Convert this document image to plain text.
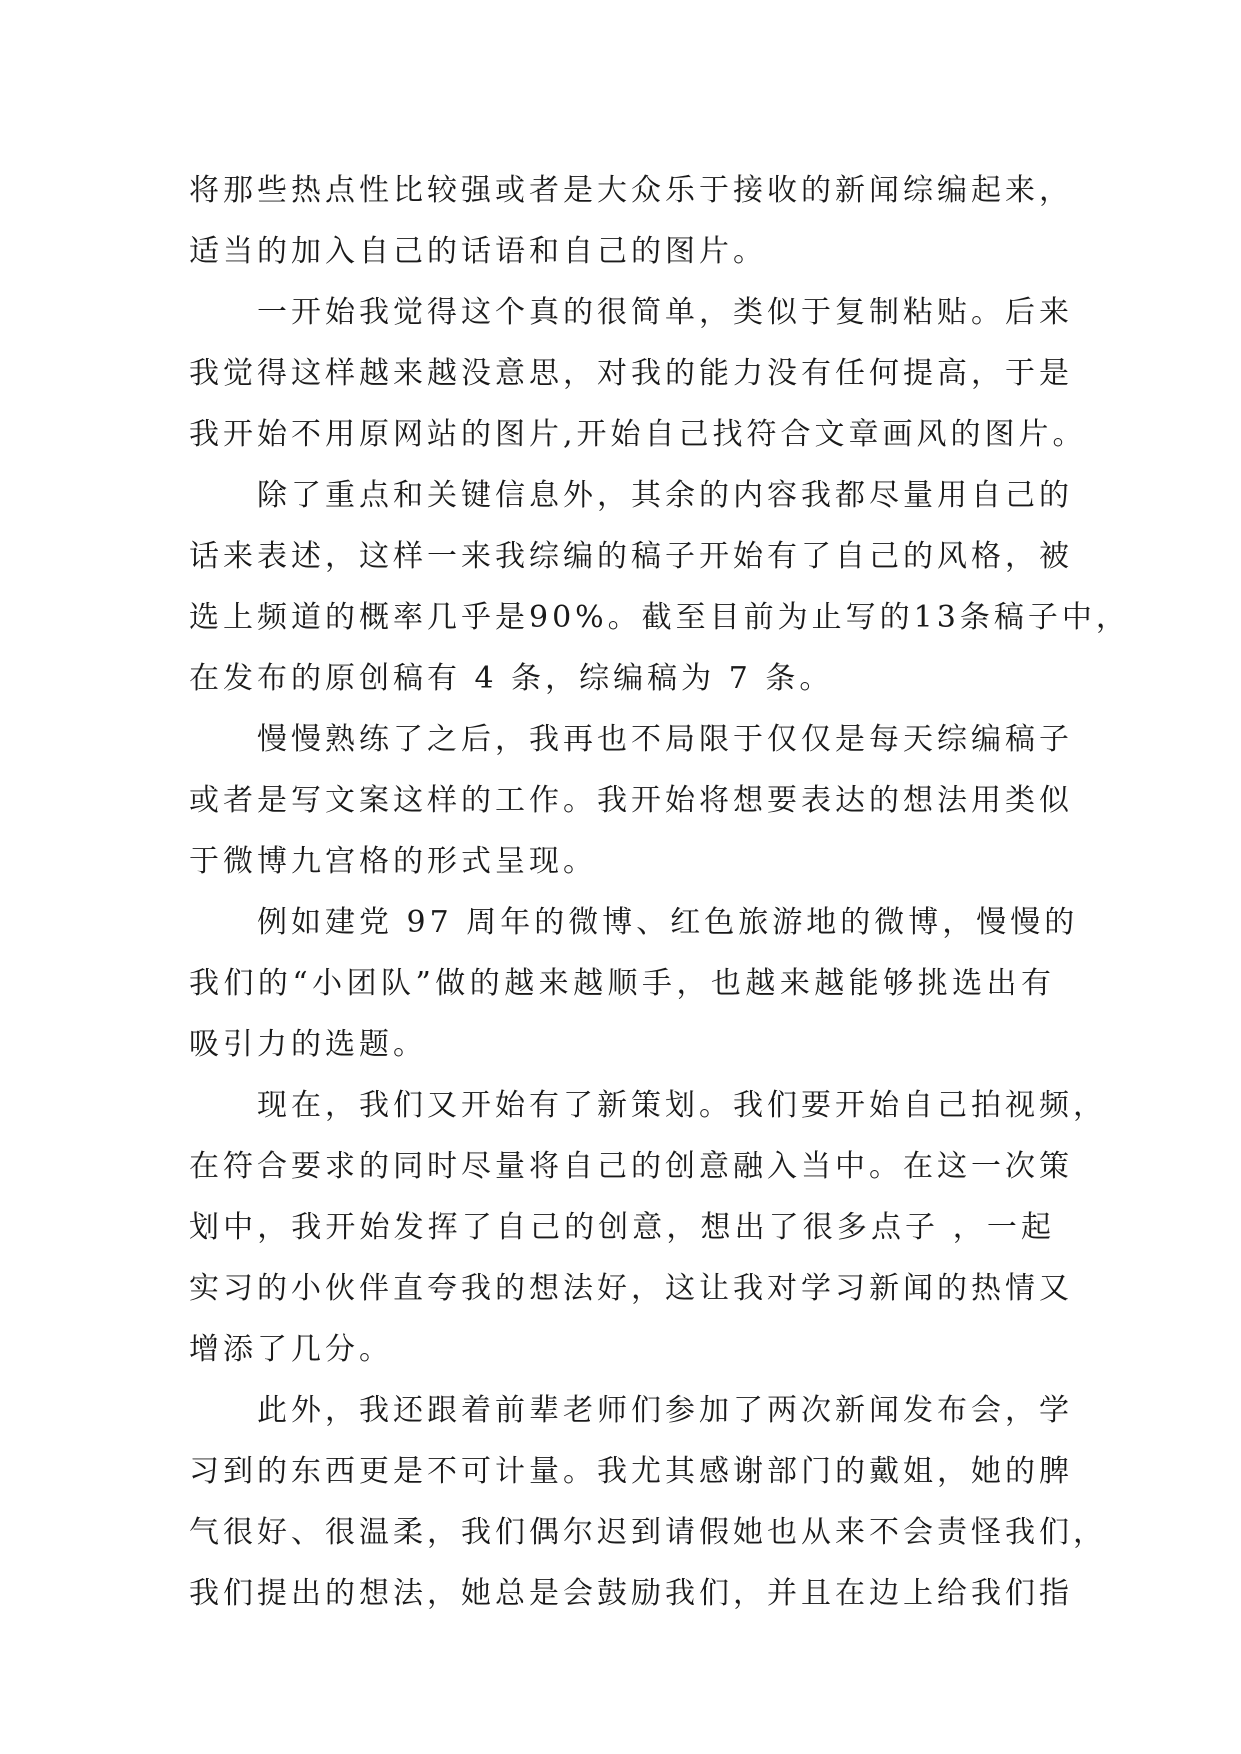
将那些热点性比较强或者是大众乐于接收的新闻综编起来，
适当的加入自己的话语和自己的图片。
一开始我觉得这个真的很简单，类似于复制粘贴。后来
我觉得这样越来越没意思，对我的能力没有任何提高，于是
我开始不用原网站的图片,开始自己找符合文章画风的图片。
除了重点和关键信息外，其余的内容我都尽量用自己的
话来表述，这样一来我综编的稿子开始有了自己的风格，被
选上频道的概率几乎是90%。截至目前为止写的13条稿子中，
在发布的原创稿有 4 条，综编稿为 7 条。
慢慢熟练了之后，我再也不局限于仅仅是每天综编稿子
或者是写文案这样的工作。我开始将想要表达的想法用类似
于微博九宫格的形式呈现。
例如建党 97 周年的微博、红色旅游地的微博，慢慢的
我们的“小团队”做的越来越顺手，也越来越能够挑选出有
吸引力的选题。
现在，我们又开始有了新策划。我们要开始自己拍视频，
在符合要求的同时尽量将自己的创意融入当中。在这一次策
划中，我开始发挥了自己的创意，想出了很多点子 ，一起
实习的小伙伴直夸我的想法好，这让我对学习新闻的热情又
增添了几分。
此外，我还跟着前辈老师们参加了两次新闻发布会，学
习到的东西更是不可计量。我尤其感谢部门的戴姐，她的脾
气很好、很温柔，我们偶尔迟到请假她也从来不会责怪我们，
我们提出的想法，她总是会鼓励我们，并且在边上给我们指
